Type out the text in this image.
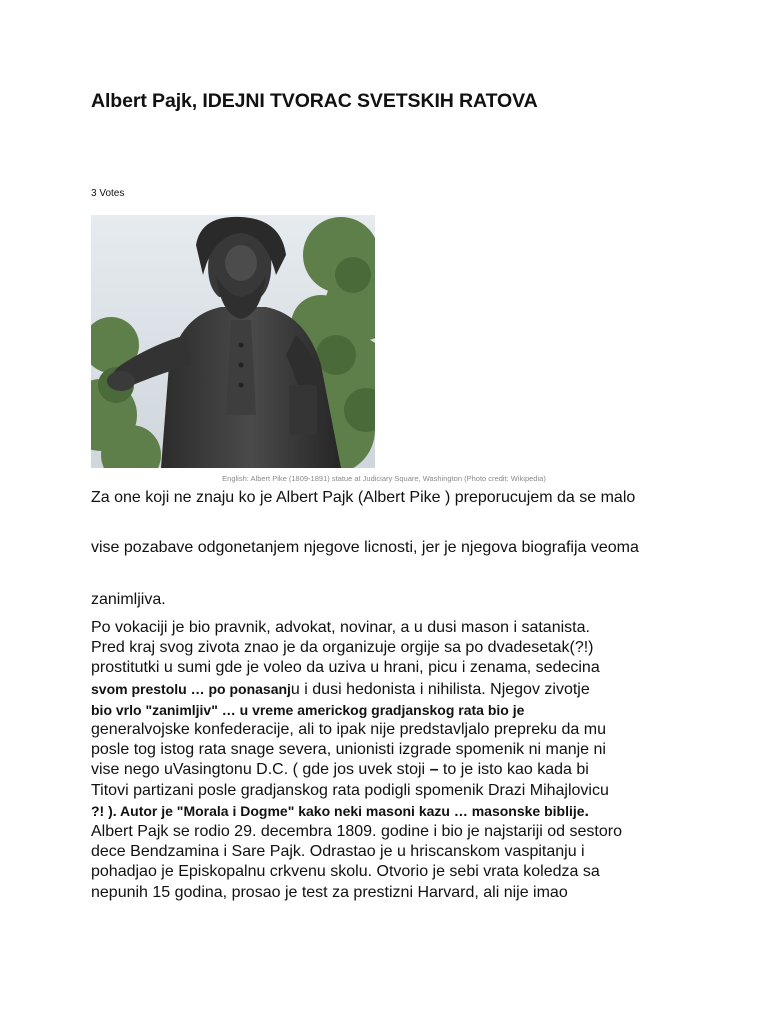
Albert Pajk, IDEJNI TVORAC SVETSKIH RATOVA
3 Votes
English: Albert Pike (1809-1891) statue at Judiciary Square, Washington (Photo credit: Wikipedia)

Za one koji ne znaju ko je Albert Pajk (Albert Pike ) preporucujem da se malo

vise pozabave odgonetanjem njegove licnosti, jer je njegova biografija veoma

zanimljiva.

Po vokaciji je bio pravnik, advokat, novinar, a u dusi mason i satanista.
Pred kraj svog zivota znao je da organizuje orgije sa po dvadesetak(?!)
prostitutki u sumi gde je voleo da uziva u hrani, picu i zenama, sedecina
svom prestolu … po ponasanju i dusi hedonista i nihilista. Njegov zivotje
bio vrlo "zanimljiv" … u vreme americkog gradjanskog rata bio je
generalvojske konfederacije, ali to ipak nije predstavljalo prepreku da mu
posle tog istog rata snage severa, unionisti izgrade spomenik ni manje ni
vise nego uVasingtonu D.C. ( gde jos uvek stoji – to je isto kao kada bi
Titovi partizani posle gradjanskog rata podigli spomenik Drazi Mihajlovicu
?! ). Autor je "Morala i Dogme" kako neki masoni kazu … masonske biblije.
Albert Pajk se rodio 29. decembra 1809. godine i bio je najstariji od sestoro
dece Bendzamina i Sare Pajk. Odrastao je u hriscanskom vaspitanju i
pohadjao je Episkopalnu crkvenu skolu. Otvorio je sebi vrata koledza sa
nepunih 15 godina, prosao je test za prestizni Harvard, ali nije imao
